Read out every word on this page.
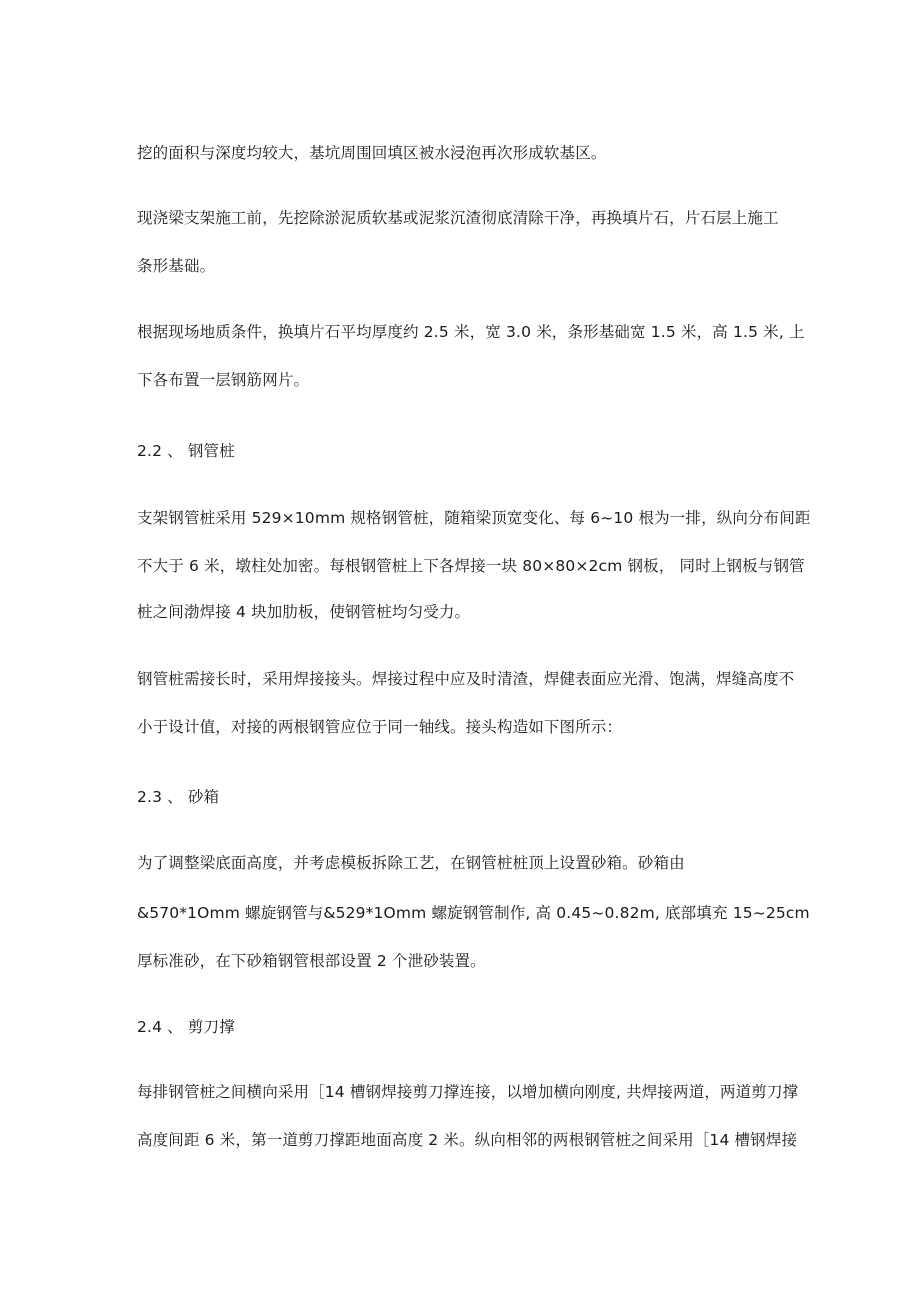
挖的面积与深度均较大，基坑周围回填区被水浸泡再次形成软基区。
现浇梁支架施工前，先挖除淤泥质软基或泥浆沉渣彻底清除干净，再换填片石，片石层上施工
条形基础。
根据现场地质条件，换填片石平均厚度约 2.5 米，宽 3.0 米，条形基础宽 1.5 米，高 1.5 米, 上
下各布置一层钢筋网片。
2.2 、 钢管桩
支架钢管桩采用 529×10mm 规格钢管桩，随箱梁顶宽变化、每 6~10 根为一排，纵向分布间距
不大于 6 米，墩柱处加密。每根钢管桩上下各焊接一块 80×80×2cm 钢板， 同时上钢板与钢管
桩之间渤焊接 4 块加肋板，使钢管桩均匀受力。
钢管桩需接长时，采用焊接接头。焊接过程中应及时清渣，焊健表面应光滑、饱满，焊缝高度不
小于设计值，对接的两根钢管应位于同一轴线。接头构造如下图所示：
2.3 、 砂箱
为了调整梁底面高度，并考虑模板拆除工艺，在钢管桩桩顶上设置砂箱。砂箱由
&570*1Omm 螺旋钢管与&529*1Omm 螺旋钢管制作, 高 0.45~0.82m, 底部填充 15~25cm
厚标准砂，在下砂箱钢管根部设置 2 个泄砂装置。
2.4 、 剪刀撑
每排钢管桩之间横向采用［14 槽钢焊接剪刀撑连接，以增加横向刚度, 共焊接两道，两道剪刀撑
高度间距 6 米，第一道剪刀撑距地面高度 2 米。纵向相邻的两根钢管桩之间采用［14 槽钢焊接
